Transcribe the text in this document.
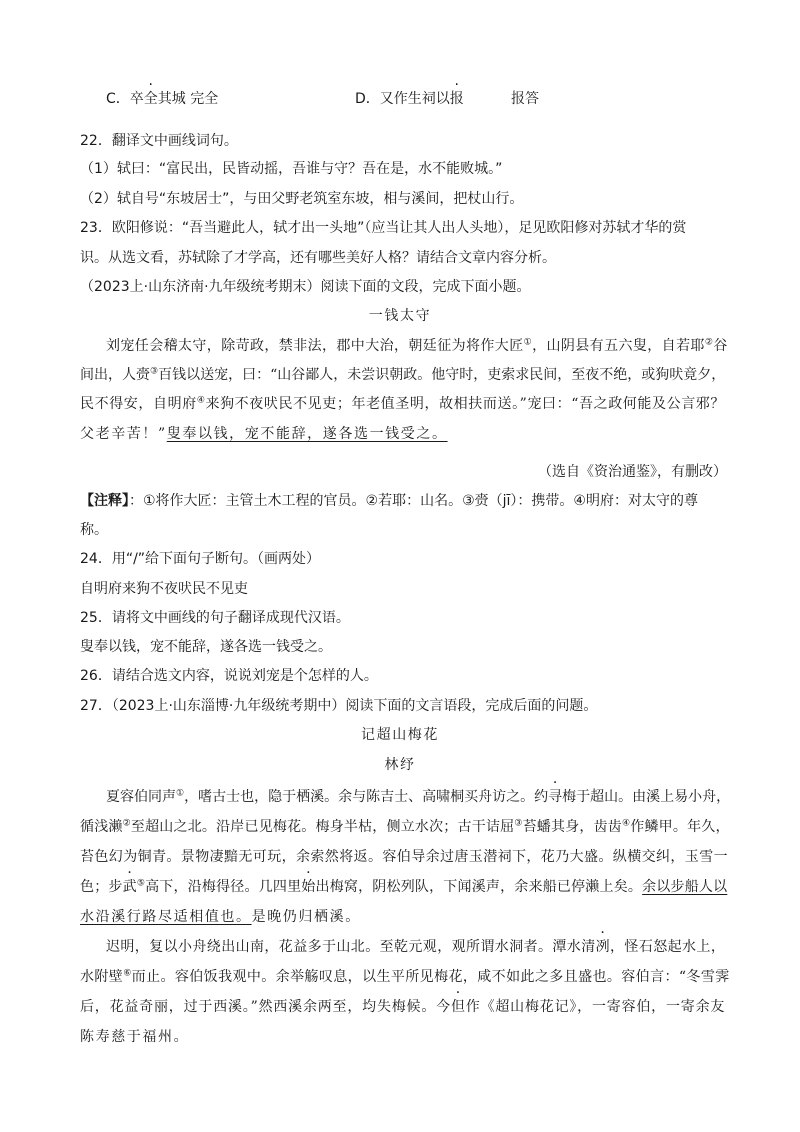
C．卒全其城 完全	D．又作生祠以报	报答
22．翻译文中画线词句。
（1）轼曰：“富民出，民皆动摇，吾谁与守？吾在是，水不能败城。”
（2）轼自号“东坡居士”，与田父野老筑室东坡，相与溪间，把杖山行。
23．欧阳修说：“吾当避此人，轼才出一头地”（应当让其人出人头地），足见欧阳修对苏轼才华的赏
识。从选文看，苏轼除了才学高，还有哪些美好人格？请结合文章内容分析。
（2023上·山东济南·九年级统考期末）阅读下面的文段，完成下面小题。
一钱太守
刘宠任会稽太守，除苛政，禁非法，郡中大治，朝廷征为将作大匠①，山阴县有五六叟，自若耶②谷
间出，人赍③百钱以送宠，曰：“山谷鄙人，未尝识朝政。他守时，吏索求民间，至夜不绝，或狗吠竟夕，
民不得安，自明府④来狗不夜吠民不见吏；年老值圣明，故相扶而送。”宠曰：“吾之政何能及公言邪？
父老辛苦！”叟奉以钱，宠不能辞，遂各选一钱受之。
（选自《资治通鉴》，有删改）
【注释】：①将作大匠：主管土木工程的官员。②若耶：山名。③赍（jī）：携带。④明府：对太守的尊
称。
24．用“/”给下面句子断句。（画两处）
自明府来狗不夜吠民不见吏
25．请将文中画线的句子翻译成现代汉语。
叟奉以钱，宠不能辞，遂各选一钱受之。
26．请结合选文内容，说说刘宠是个怎样的人。
27．（2023上·山东淄博·九年级统考期中）阅读下面的文言语段，完成后面的问题。
记超山梅花
林纾
夏容伯同声①，嗜古士也，隐于栖溪。余与陈吉士、高啸桐买舟访之。约寻梅于超山。由溪上易小舟，
循浅濑②至超山之北。沿岸已见梅花。梅身半枯，侧立水次；古干诘屈③苔蟠其身，齿齿④作鳞甲。年久，
苔色幻为铜青。景物凄黯无可玩，余索然将返。容伯导余过唐玉潜祠下，花乃大盛。纵横交纠，玉雪一
色；步武⑤高下，沿梅得径。几四里始出梅窝，阴松列队，下闻溪声，余来船已停濑上矣。余以步船人以
水沿溪行路尽适相值也。是晚仍归栖溪。
迟明，复以小舟绕出山南，花益多于山北。至乾元观，观所谓水洞者。潭水清冽，怪石怒起水上，
水附壁⑥而止。容伯饭我观中。余举觞叹息，以生平所见梅花，咸不如此之多且盛也。容伯言：“冬雪霁
后，花益奇丽，过于西溪。”然西溪余两至，均失梅候。今但作《超山梅花记》，一寄容伯，一寄余友
陈寿慈于福州。
